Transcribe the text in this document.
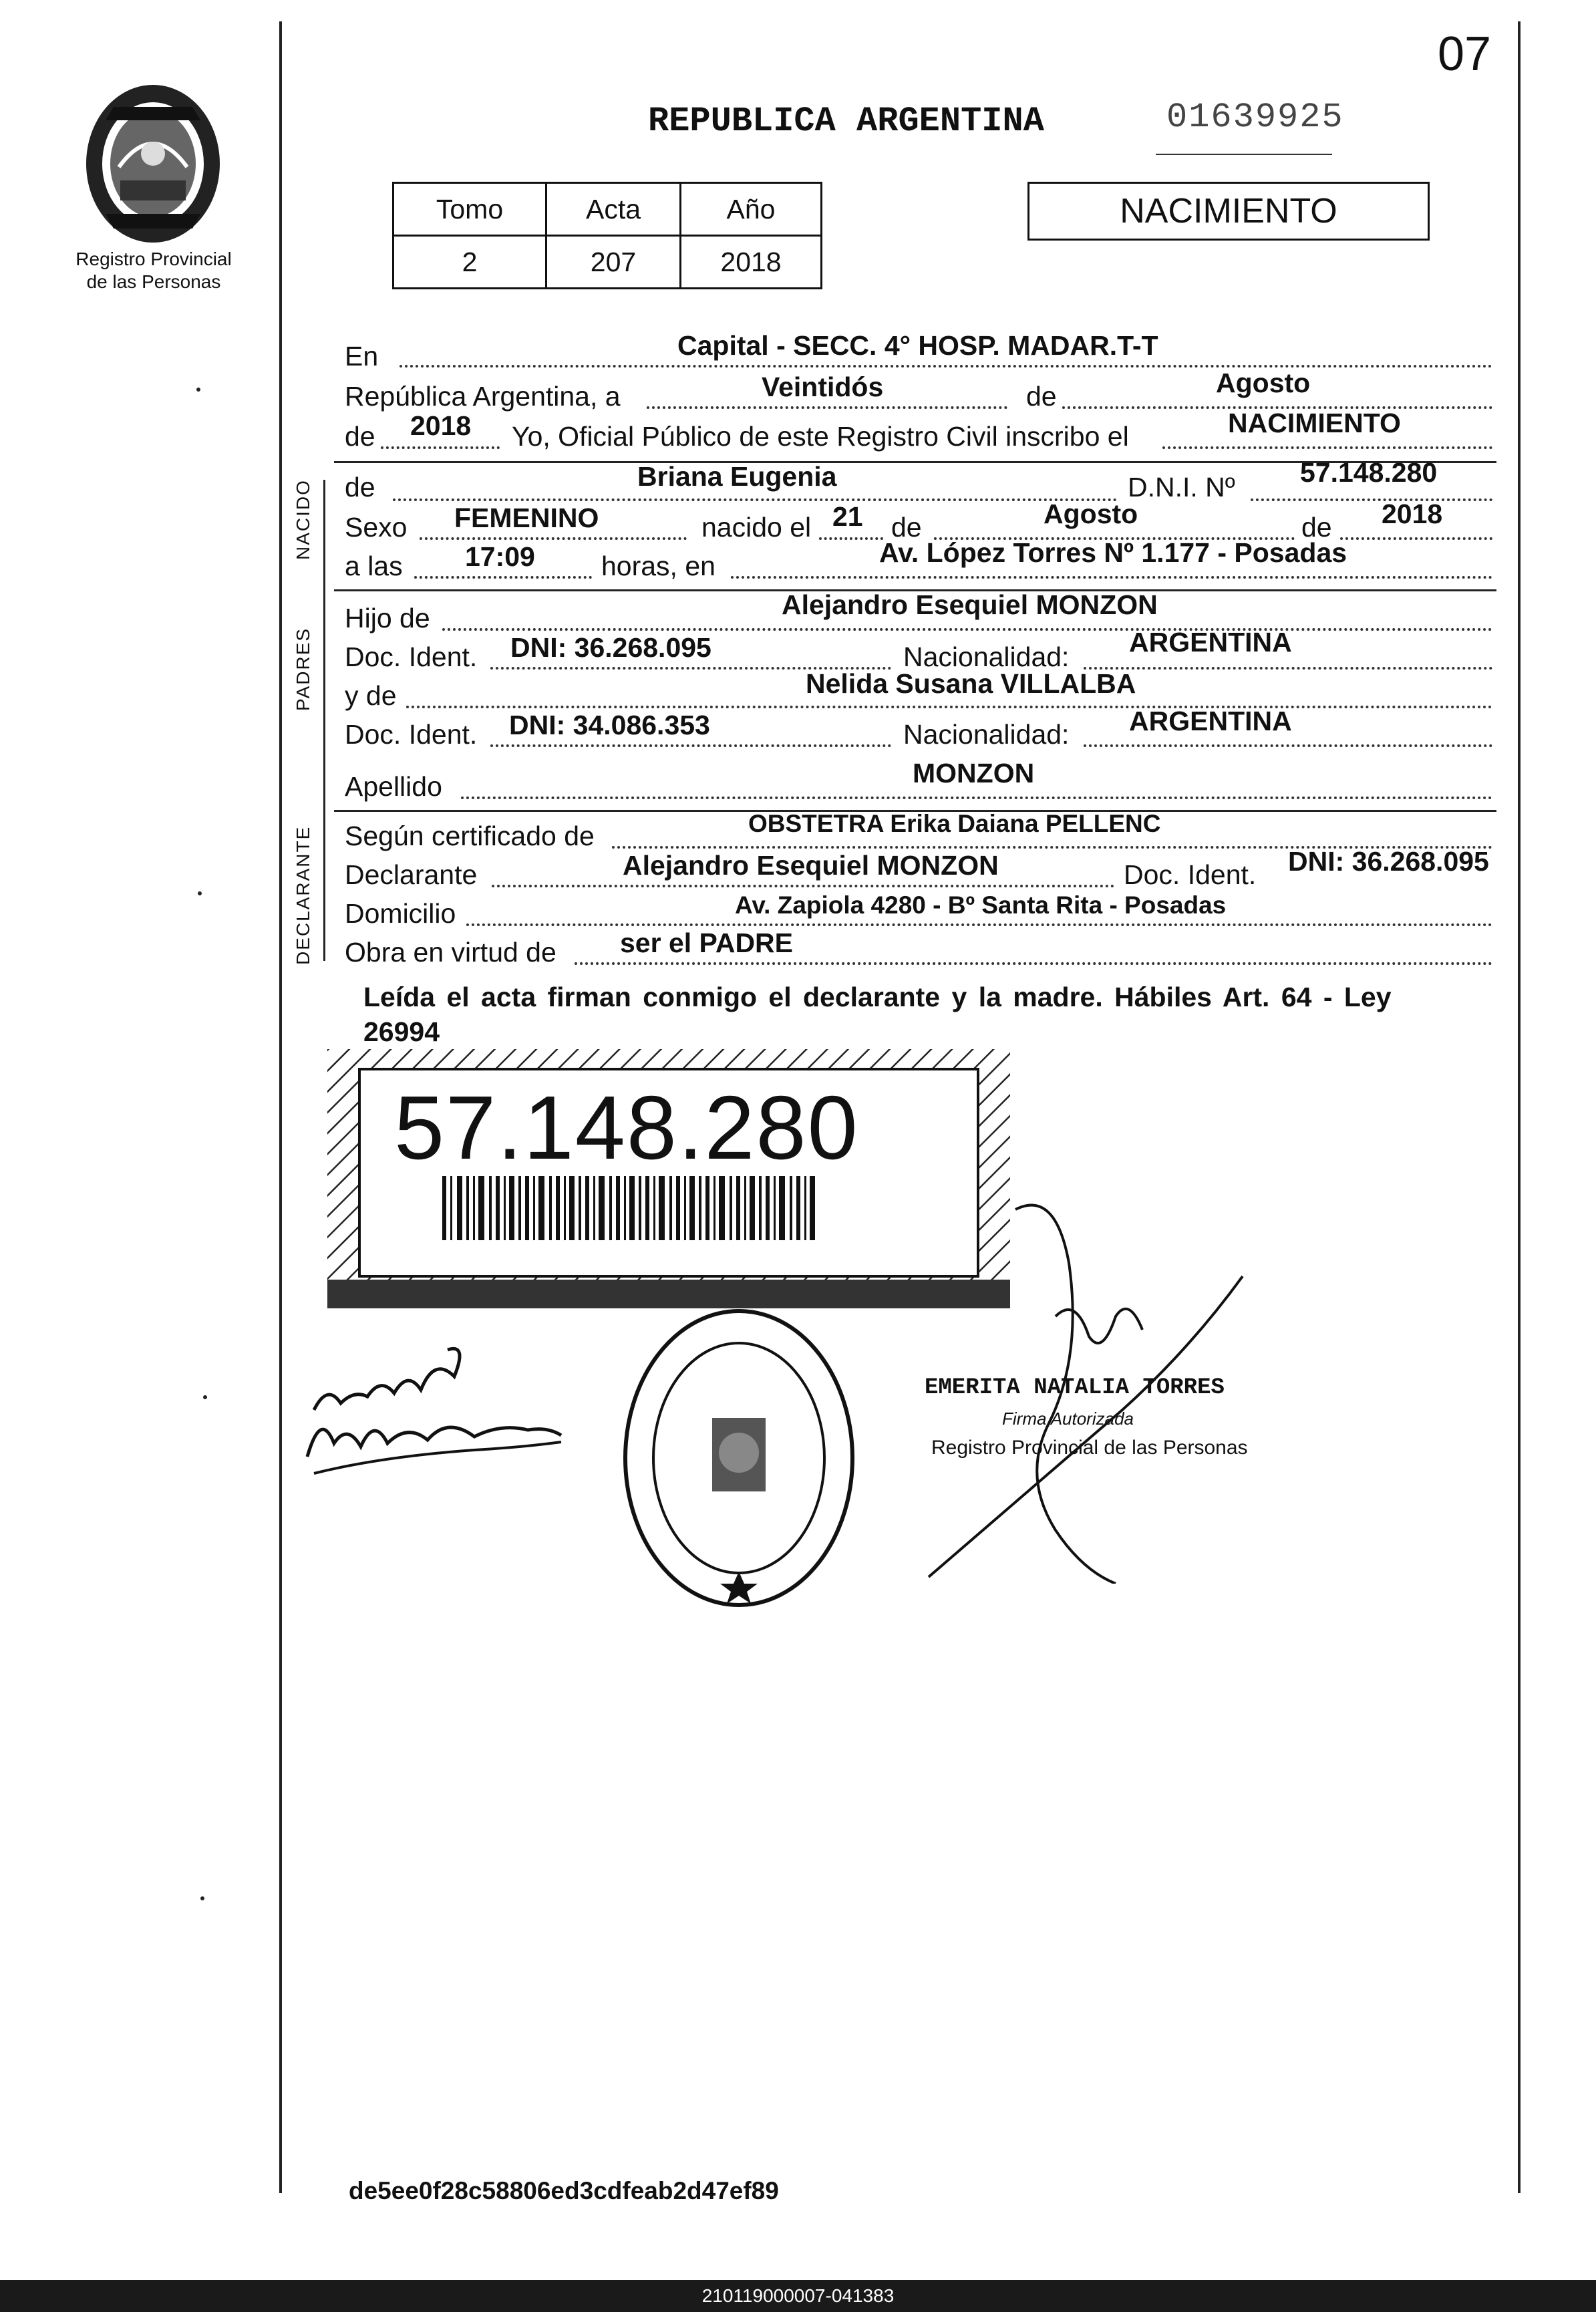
07
Registro Provincial
de las Personas
REPUBLICA ARGENTINA	01639925
Tomo	Acta	Año
2	207	2018
NACIMIENTO
En	Capital - SECC. 4° HOSP. MADAR.T-T
República Argentina, a	Veintidós	de	Agosto
de 2018 Yo, Oficial Público de este Registro Civil inscribo el	NACIMIENTO
NACIDO de	Briana Eugenia	D.N.I. Nº 57.148.280
Sexo FEMENINO	nacido el 21 de	Agosto	de 2018
a las 17:09 horas, en	Av. López Torres Nº 1.177 - Posadas
PADRES
Hijo de	Alejandro Esequiel MONZON
Doc. Ident. DNI: 36.268.095	Nacionalidad: ARGENTINA
y de	Nelida Susana VILLALBA
Doc. Ident. DNI: 34.086.353	Nacionalidad: ARGENTINA
Apellido	MONZON
DECLARANTE Según certificado de	OBSTETRA Erika Daiana PELLENC
Declarante	Alejandro Esequiel MONZON	Doc. Ident. DNI: 36.268.095
Domicilio	Av. Zapiola 4280 - Bº Santa Rita - Posadas
Obra en virtud de ser el PADRE
Leída el acta firman conmigo el declarante y la madre. Hábiles Art. 64 - Ley 26994
57.148.280
EMERITA NATALIA TORRES
Firma Autorizada
Registro Provincial de las Personas
de5ee0f28c58806ed3cdfeab2d47ef89
210119000007-041383
